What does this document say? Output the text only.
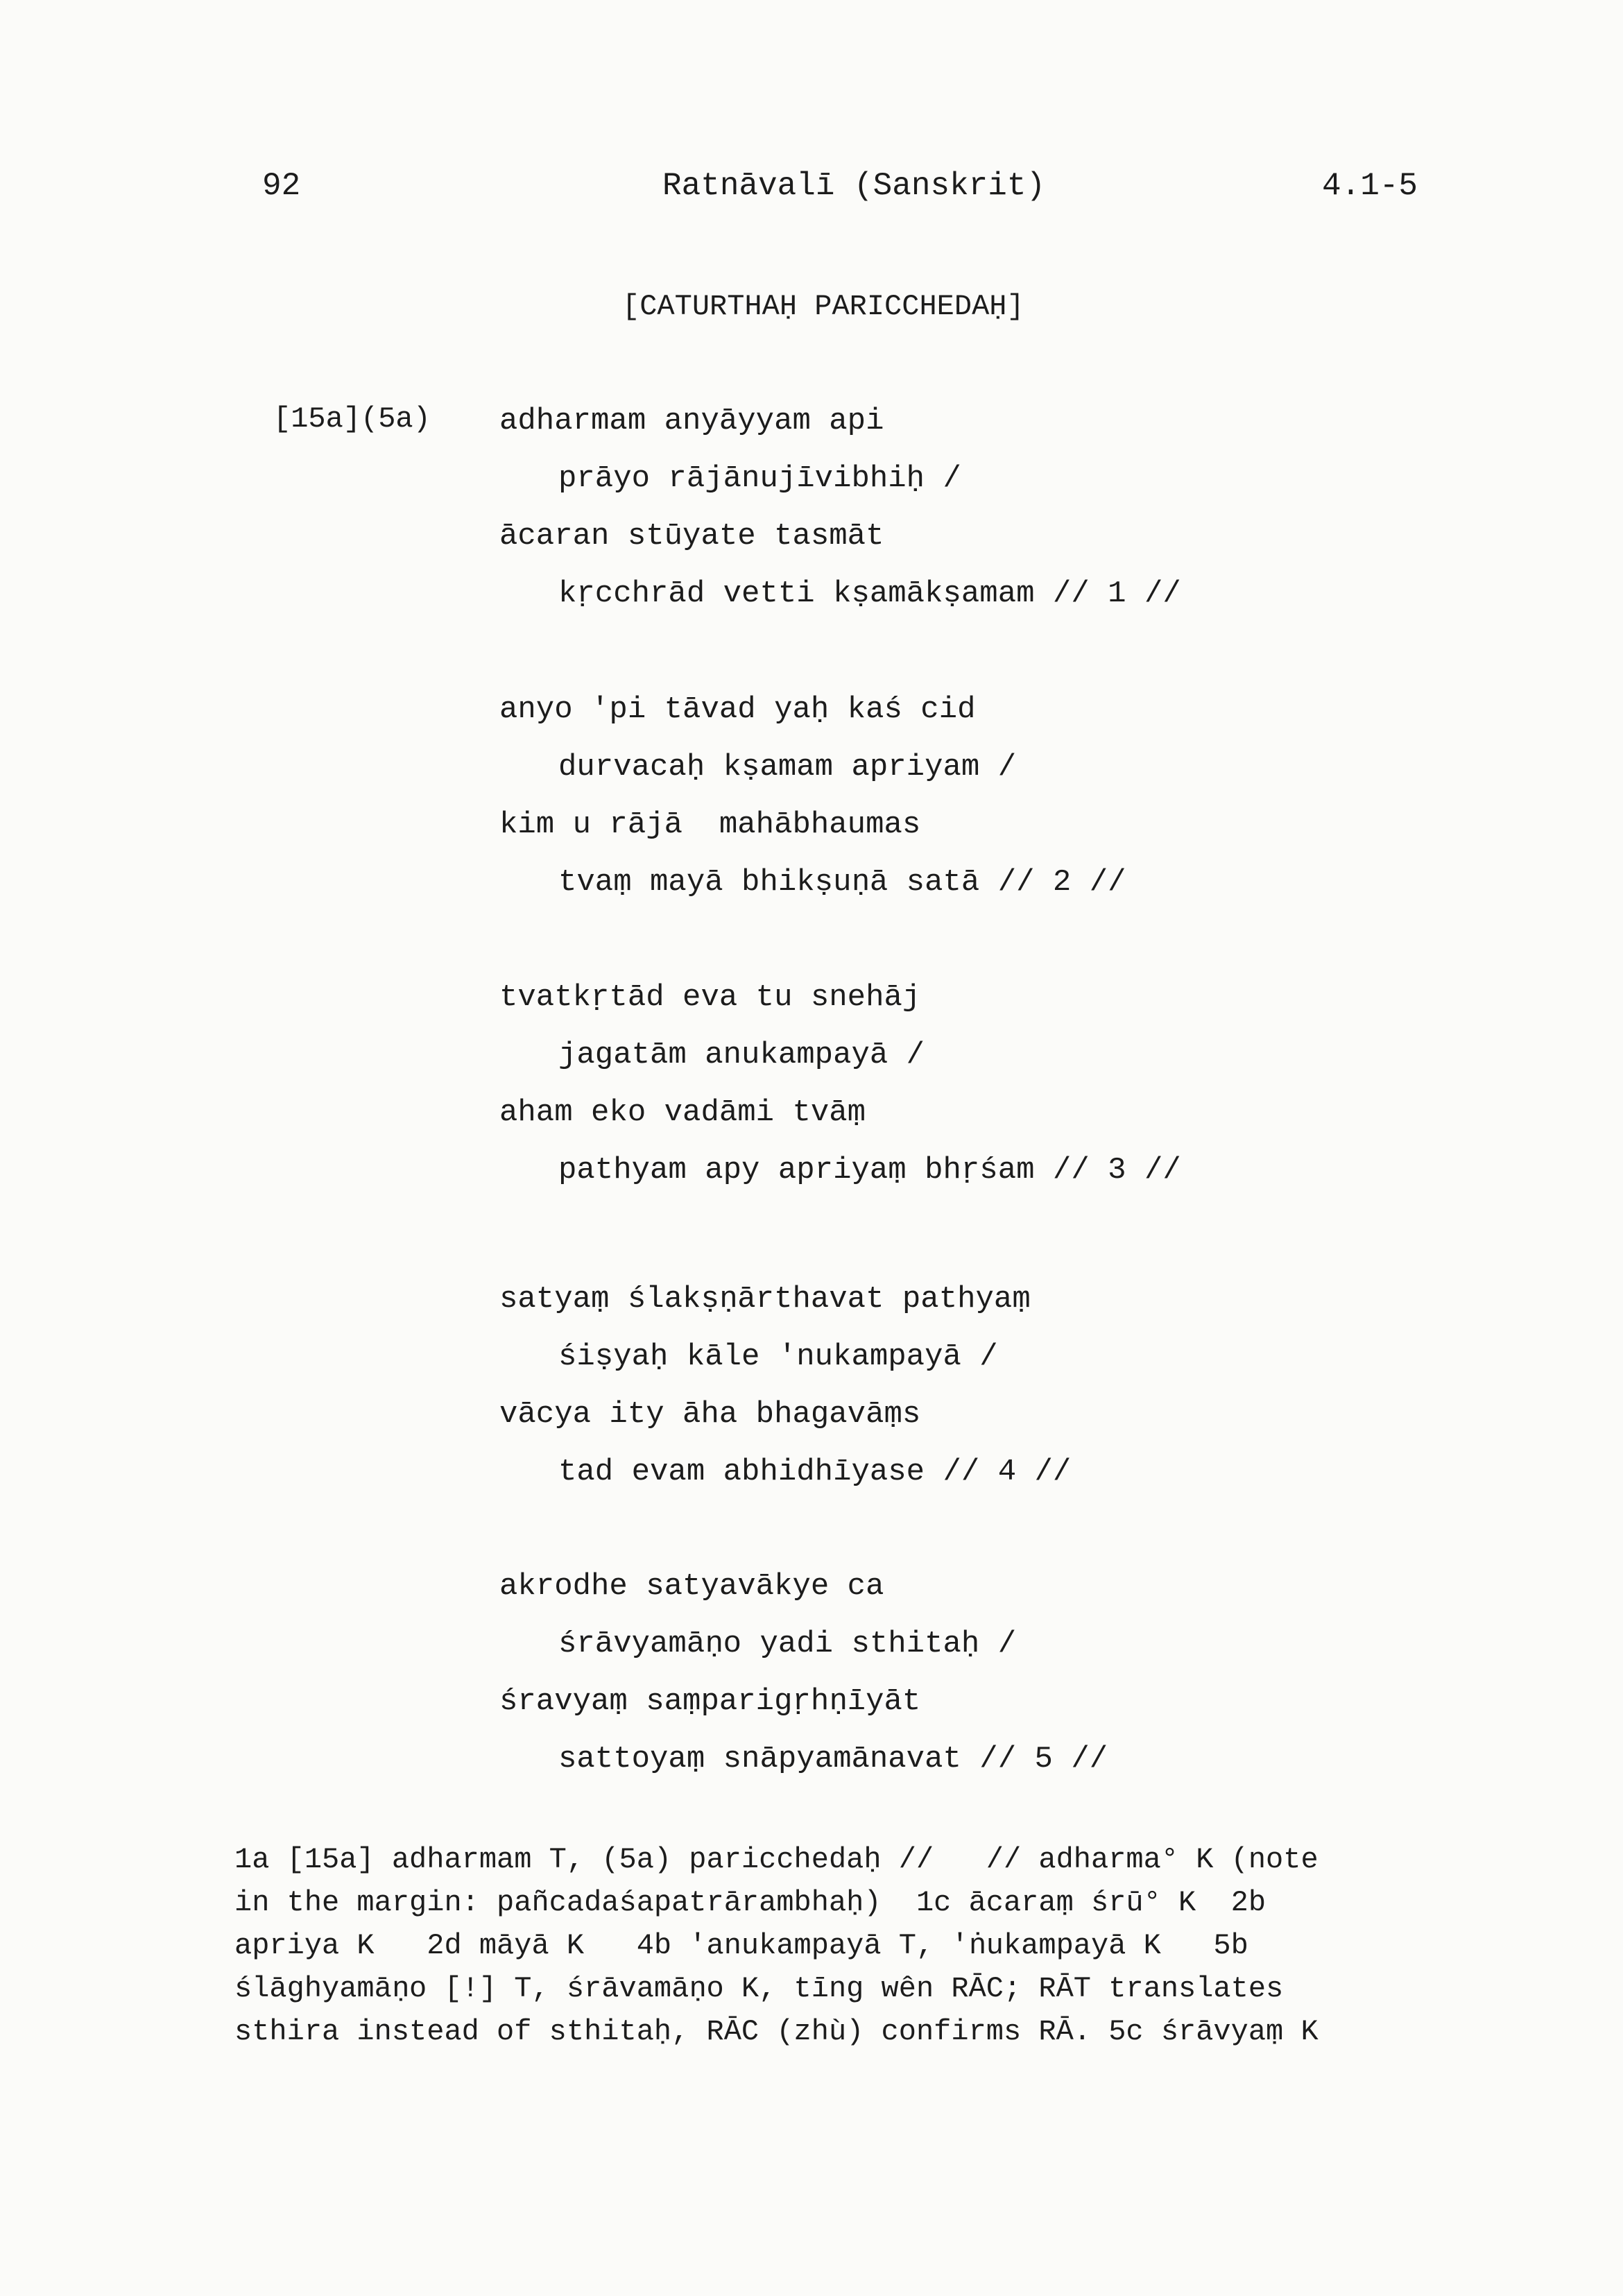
92	Ratnāvalī (Sanskrit)	4.1-5
[CATURTHAḤ PARICCHEDAḤ]
[15a](5a) adharmam anyāyyam api
prāyo rājānujīvibhiḥ /
ācaran stūyate tasmāt
kṛcchrād vetti kṣamākṣamam // 1 //
anyo 'pi tāvad yaḥ kaś cid
durvacaḥ kṣamam apriyam /
kim u rājā  mahābhaumas
tvaṃ mayā bhikṣuṇā satā // 2 //
tvatkṛtād eva tu snehāj
jagatām anukampayā /
aham eko vadāmi tvāṃ
pathyam apy apriyaṃ bhṛśam // 3 //
satyaṃ ślakṣṇārthavat pathyaṃ
śiṣyaḥ kāle 'nukampayā /
vācya ity āha bhagavāṃs
tad evam abhidhīyase // 4 //
akrodhe satyavākye ca
śrāvyamāṇo yadi sthitaḥ /
śravyaṃ saṃparigṛhṇīyāt
sattoyaṃ snāpyamānavat // 5 //
1a [15a] adharmam T, (5a) paricchedaḥ //   // adharma° K (note
in the margin: pañcadaśapatrārambhaḥ)  1c ācaraṃ śrū° K  2b
apriya K   2d māyā K   4b 'anukampayā T, 'ṅukampayā K   5b
ślāghyamāṇo [!] T, śrāvamāṇo K, tīng wên RĀC; RĀT translates
sthira instead of sthitaḥ, RĀC (zhù) confirms RĀ. 5c śrāvyaṃ K
